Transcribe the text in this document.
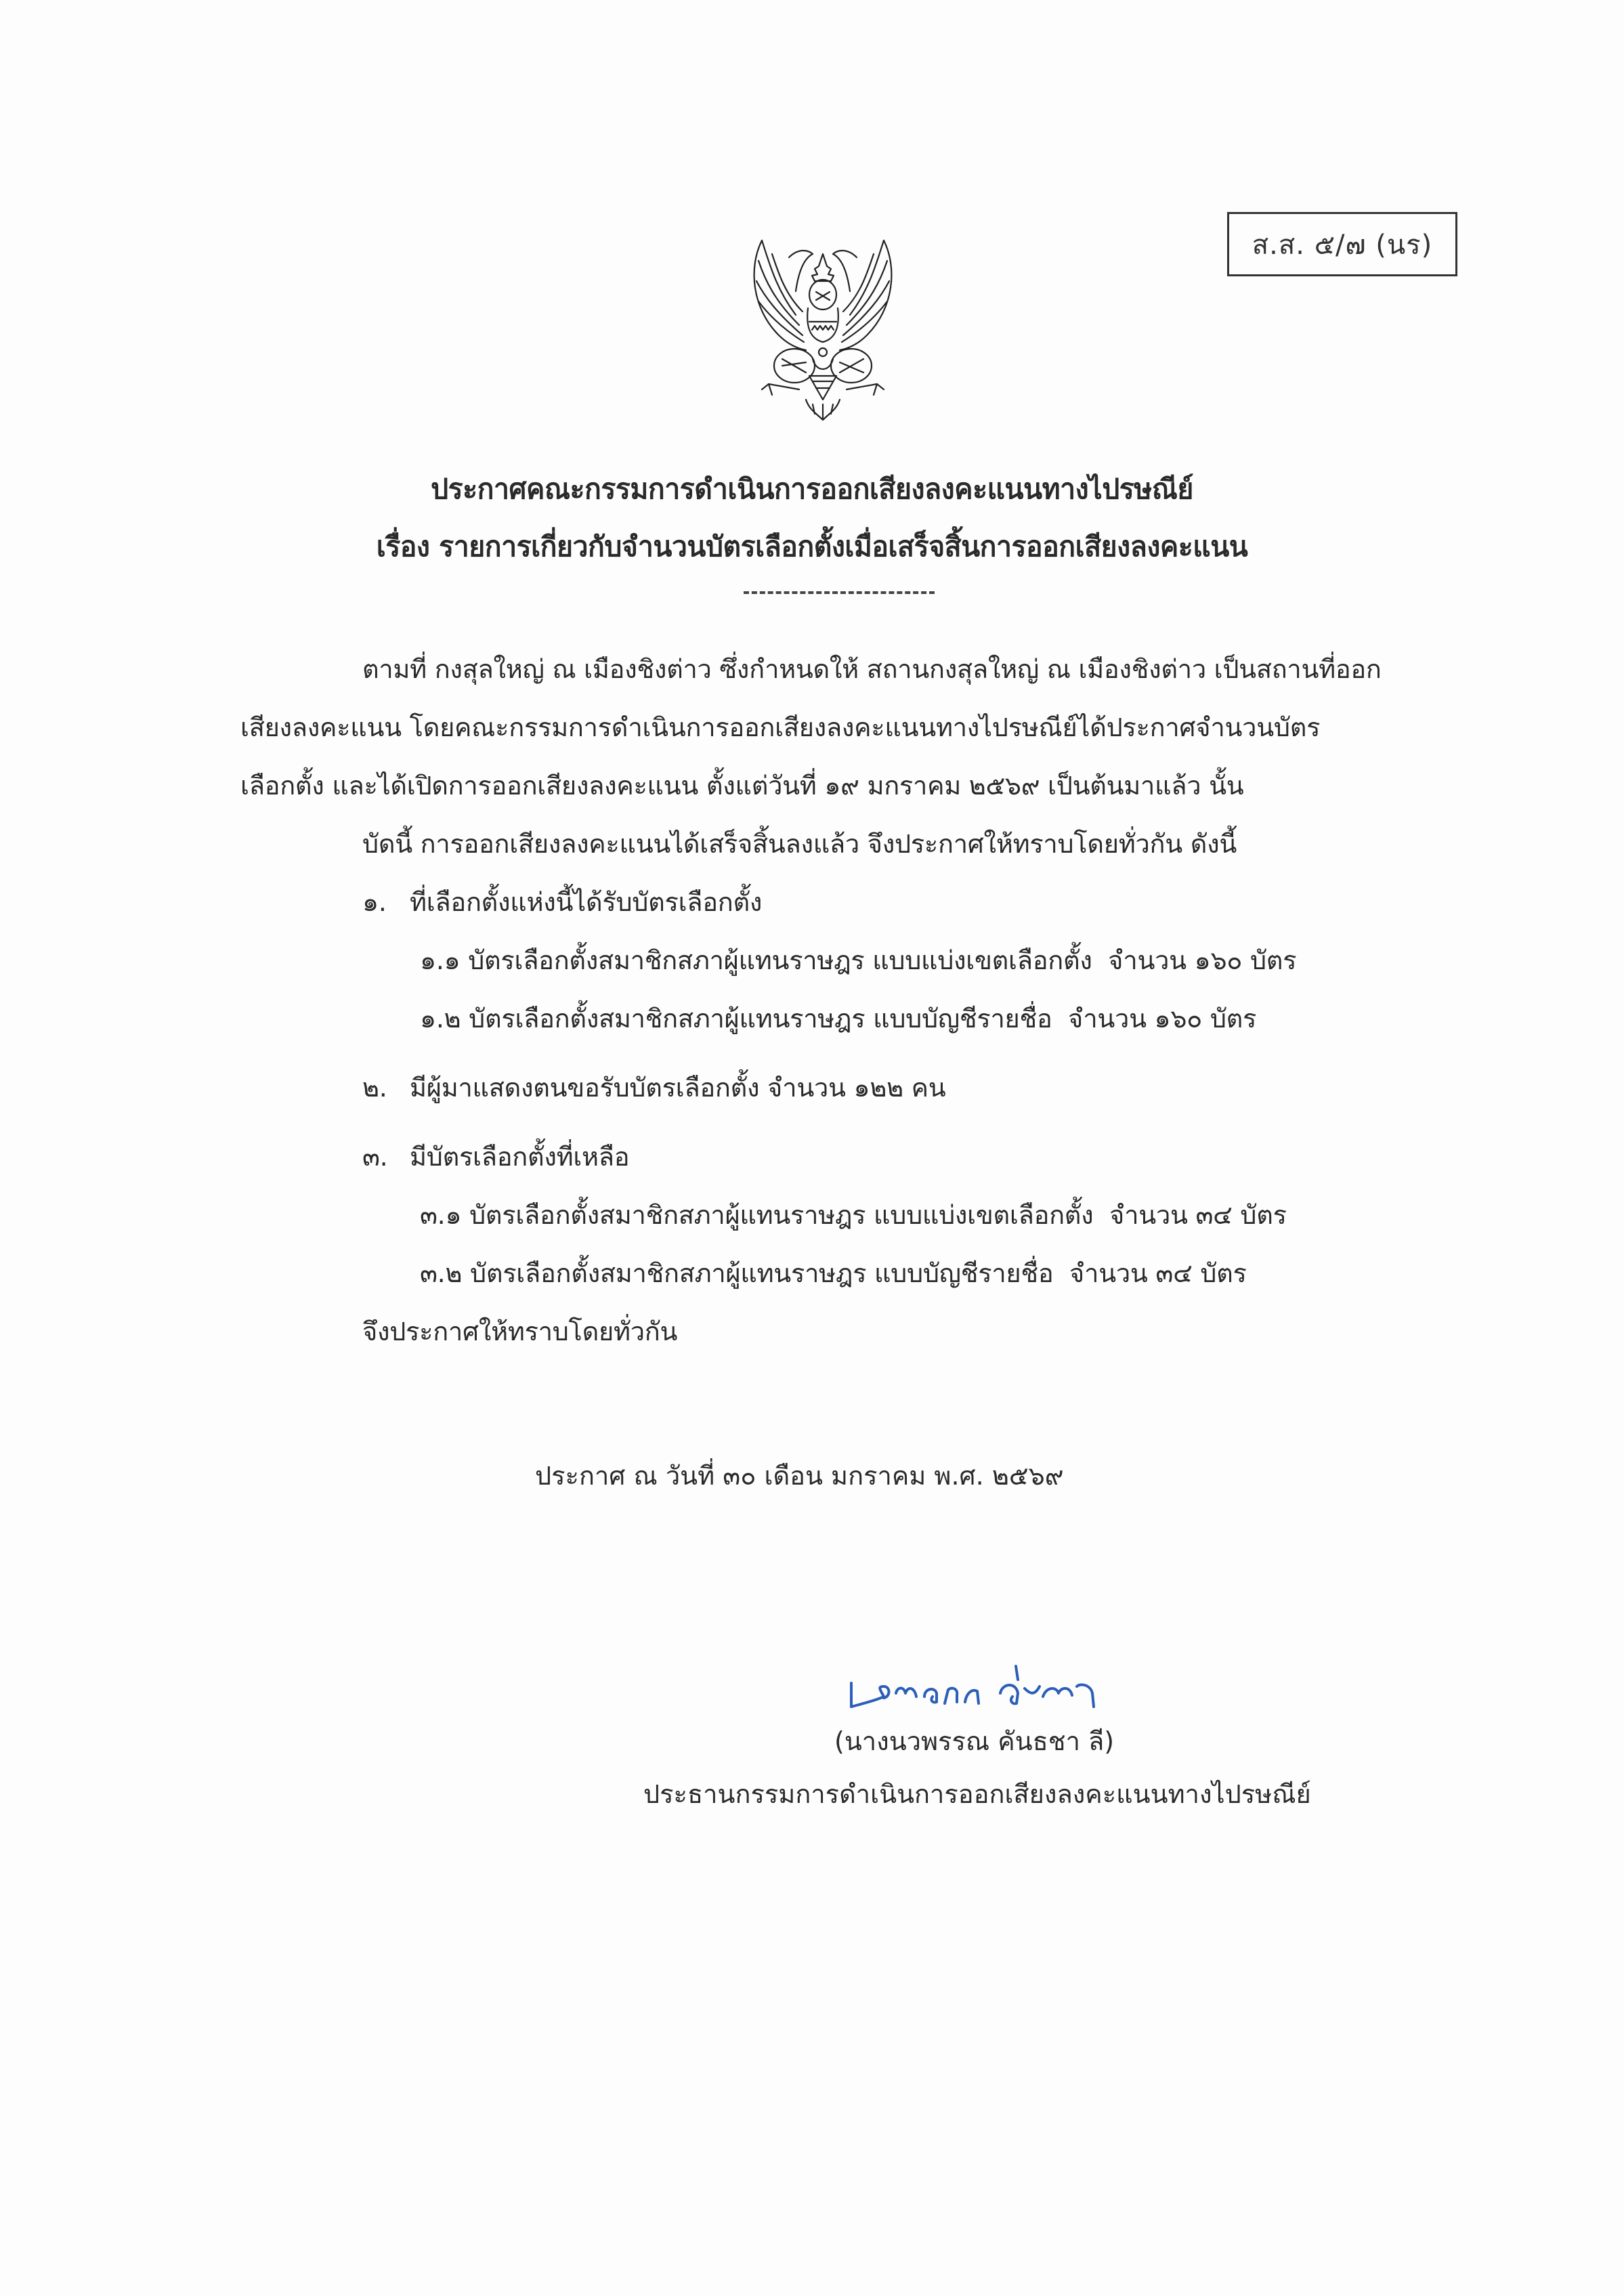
ส.ส. ๕/๗ (นร)
ประกาศคณะกรรมการดำเนินการออกเสียงลงคะแนนทางไปรษณีย์
เรื่อง รายการเกี่ยวกับจำนวนบัตรเลือกตั้งเมื่อเสร็จสิ้นการออกเสียงลงคะแนน
ตามที่ กงสุลใหญ่ ณ เมืองชิงต่าว ซึ่งกำหนดให้ สถานกงสุลใหญ่ ณ เมืองชิงต่าว เป็นสถานที่ออก
เสียงลงคะแนน โดยคณะกรรมการดำเนินการออกเสียงลงคะแนนทางไปรษณีย์ได้ประกาศจำนวนบัตร
เลือกตั้ง และได้เปิดการออกเสียงลงคะแนน ตั้งแต่วันที่ ๑๙ มกราคม ๒๕๖๙ เป็นต้นมาแล้ว นั้น
บัดนี้ การออกเสียงลงคะแนนได้เสร็จสิ้นลงแล้ว จึงประกาศให้ทราบโดยทั่วกัน ดังนี้
๑. ที่เลือกตั้งแห่งนี้ได้รับบัตรเลือกตั้ง
๑.๑ บัตรเลือกตั้งสมาชิกสภาผู้แทนราษฎร แบบแบ่งเขตเลือกตั้ง จำนวน ๑๖๐ บัตร
๑.๒ บัตรเลือกตั้งสมาชิกสภาผู้แทนราษฎร แบบบัญชีรายชื่อ จำนวน ๑๖๐ บัตร
๒. มีผู้มาแสดงตนขอรับบัตรเลือกตั้ง จำนวน ๑๒๒ คน
๓. มีบัตรเลือกตั้งที่เหลือ
๓.๑ บัตรเลือกตั้งสมาชิกสภาผู้แทนราษฎร แบบแบ่งเขตเลือกตั้ง จำนวน ๓๔ บัตร
๓.๒ บัตรเลือกตั้งสมาชิกสภาผู้แทนราษฎร แบบบัญชีรายชื่อ จำนวน ๓๔ บัตร
จึงประกาศให้ทราบโดยทั่วกัน
ประกาศ ณ วันที่ ๓๐ เดือน มกราคม พ.ศ. ๒๕๖๙
(นางนวพรรณ คันธชา ลี)
ประธานกรรมการดำเนินการออกเสียงลงคะแนนทางไปรษณีย์
